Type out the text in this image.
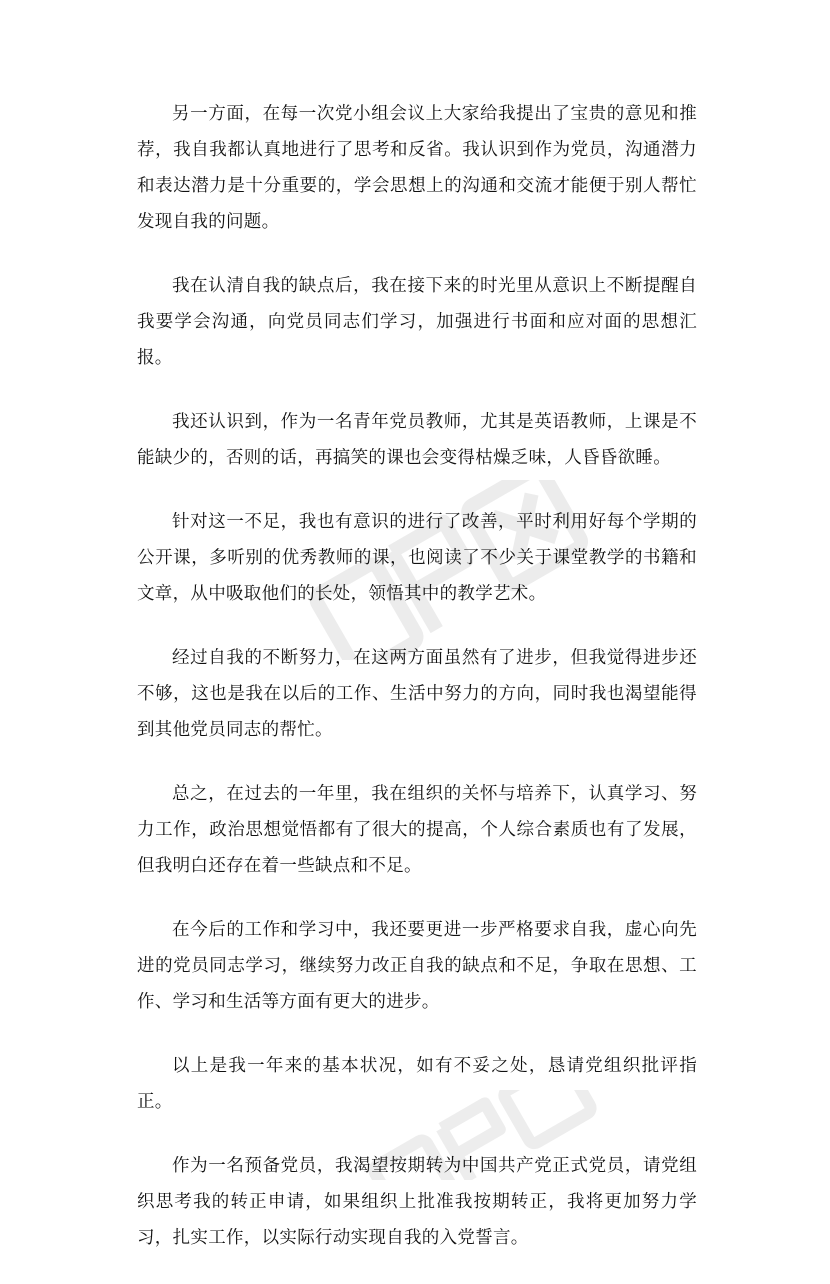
另一方面，在每一次党小组会议上大家给我提出了宝贵的意见和推荐，我自我都认真地进行了思考和反省。我认识到作为党员，沟通潜力和表达潜力是十分重要的，学会思想上的沟通和交流才能便于别人帮忙发现自我的问题。

我在认清自我的缺点后，我在接下来的时光里从意识上不断提醒自我要学会沟通，向党员同志们学习，加强进行书面和应对面的思想汇报。

我还认识到，作为一名青年党员教师，尤其是英语教师，上课是不能缺少的，否则的话，再搞笑的课也会变得枯燥乏味，人昏昏欲睡。

针对这一不足，我也有意识的进行了改善，平时利用好每个学期的公开课，多听别的优秀教师的课，也阅读了不少关于课堂教学的书籍和文章，从中吸取他们的长处，领悟其中的教学艺术。

经过自我的不断努力，在这两方面虽然有了进步，但我觉得进步还不够，这也是我在以后的工作、生活中努力的方向，同时我也渴望能得到其他党员同志的帮忙。

总之，在过去的一年里，我在组织的关怀与培养下，认真学习、努力工作，政治思想觉悟都有了很大的提高，个人综合素质也有了发展，但我明白还存在着一些缺点和不足。

在今后的工作和学习中，我还要更进一步严格要求自我，虚心向先进的党员同志学习，继续努力改正自我的缺点和不足，争取在思想、工作、学习和生活等方面有更大的进步。

以上是我一年来的基本状况，如有不妥之处，恳请党组织批评指正。

作为一名预备党员，我渴望按期转为中国共产党正式党员，请党组织思考我的转正申请，如果组织上批准我按期转正，我将更加努力学习，扎实工作，以实际行动实现自我的入党誓言。
